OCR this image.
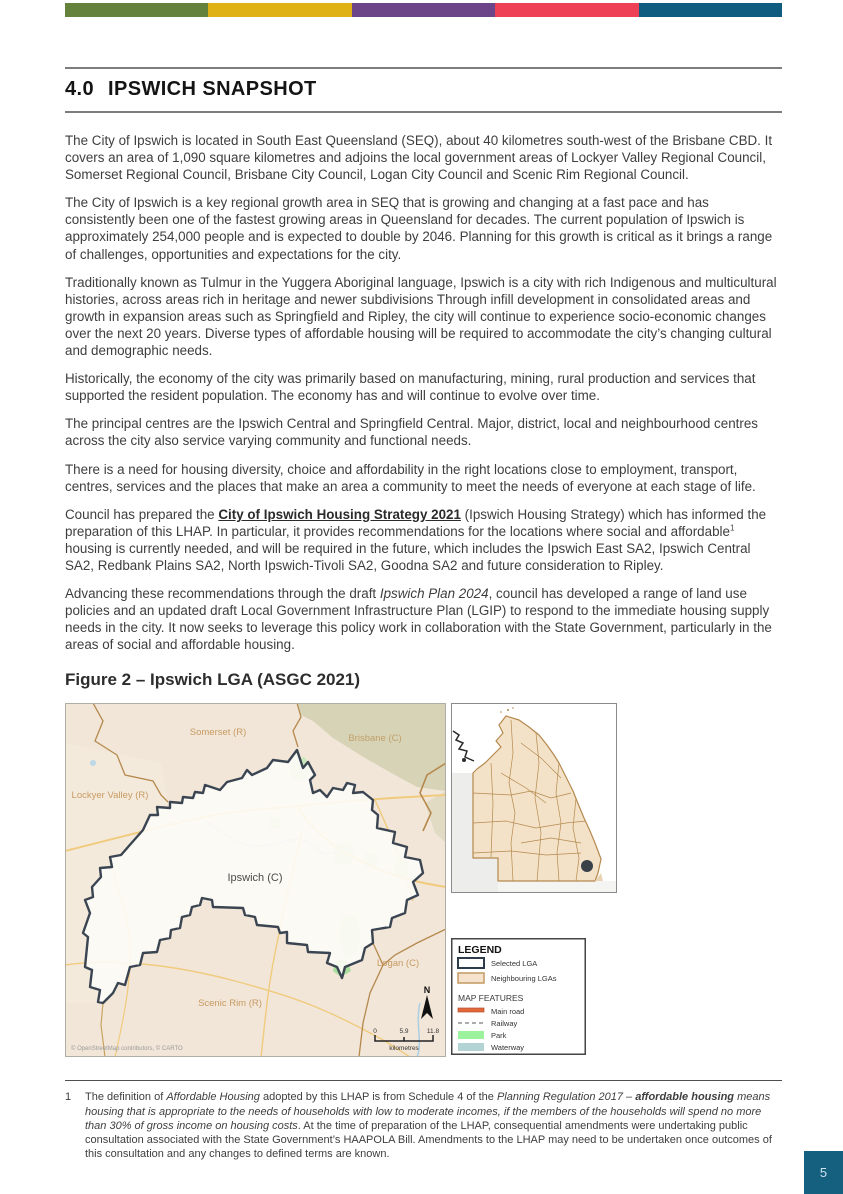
4.0 IPSWICH SNAPSHOT

The City of Ipswich is located in South East Queensland (SEQ), about 40 kilometres south-west of the Brisbane CBD. It covers an area of 1,090 square kilometres and adjoins the local government areas of Lockyer Valley Regional Council, Somerset Regional Council, Brisbane City Council, Logan City Council and Scenic Rim Regional Council.

The City of Ipswich is a key regional growth area in SEQ that is growing and changing at a fast pace and has consistently been one of the fastest growing areas in Queensland for decades. The current population of Ipswich is approximately 254,000 people and is expected to double by 2046. Planning for this growth is critical as it brings a range of challenges, opportunities and expectations for the city.

Traditionally known as Tulmur in the Yuggera Aboriginal language, Ipswich is a city with rich Indigenous and multicultural histories, across areas rich in heritage and newer subdivisions Through infill development in consolidated areas and growth in expansion areas such as Springfield and Ripley, the city will continue to experience socio-economic changes over the next 20 years. Diverse types of affordable housing will be required to accommodate the city’s changing cultural and demographic needs.

Historically, the economy of the city was primarily based on manufacturing, mining, rural production and services that supported the resident population. The economy has and will continue to evolve over time.

The principal centres are the Ipswich Central and Springfield Central. Major, district, local and neighbourhood centres across the city also service varying community and functional needs.

There is a need for housing diversity, choice and affordability in the right locations close to employment, transport, centres, services and the places that make an area a community to meet the needs of everyone at each stage of life.

Council has prepared the City of Ipswich Housing Strategy 2021 (Ipswich Housing Strategy) which has informed the preparation of this LHAP. In particular, it provides recommendations for the locations where social and affordable$^1$ housing is currently needed, and will be required in the future, which includes the Ipswich East SA2, Ipswich Central SA2, Redbank Plains SA2, North Ipswich-Tivoli SA2, Goodna SA2 and future consideration to Ripley.

Advancing these recommendations through the draft Ipswich Plan 2024, council has developed a range of land use policies and an updated draft Local Government Infrastructure Plan (LGIP) to respond to the immediate housing supply needs in the city. It now seeks to leverage this policy work in collaboration with the State Government, particularly in the areas of social and affordable housing.

Figure 2 – Ipswich LGA (ASGC 2021)
Somerset (R)
Brisbane (C)
Lockyer Valley (R)
Ipswich (C)
Logan (C)
Scenic Rim (R)
N
0	5.9	11.8
kilometres
© OpenStreetMap contributors, © CARTO
LEGEND
Selected LGA
Neighbouring LGAs
MAP FEATURES
Main road
Railway
Park
Waterway
1	The definition of Affordable Housing adopted by this LHAP is from Schedule 4 of the Planning Regulation 2017 – affordable housing means housing that is appropriate to the needs of households with low to moderate incomes, if the members of the households will spend no more than 30% of gross income on housing costs. At the time of preparation of the LHAP, consequential amendments were undertaking public consultation associated with the State Government’s HAAPOLA Bill. Amendments to the LHAP may need to be undertaken once outcomes of this consultation and any changes to defined terms are known.
5
